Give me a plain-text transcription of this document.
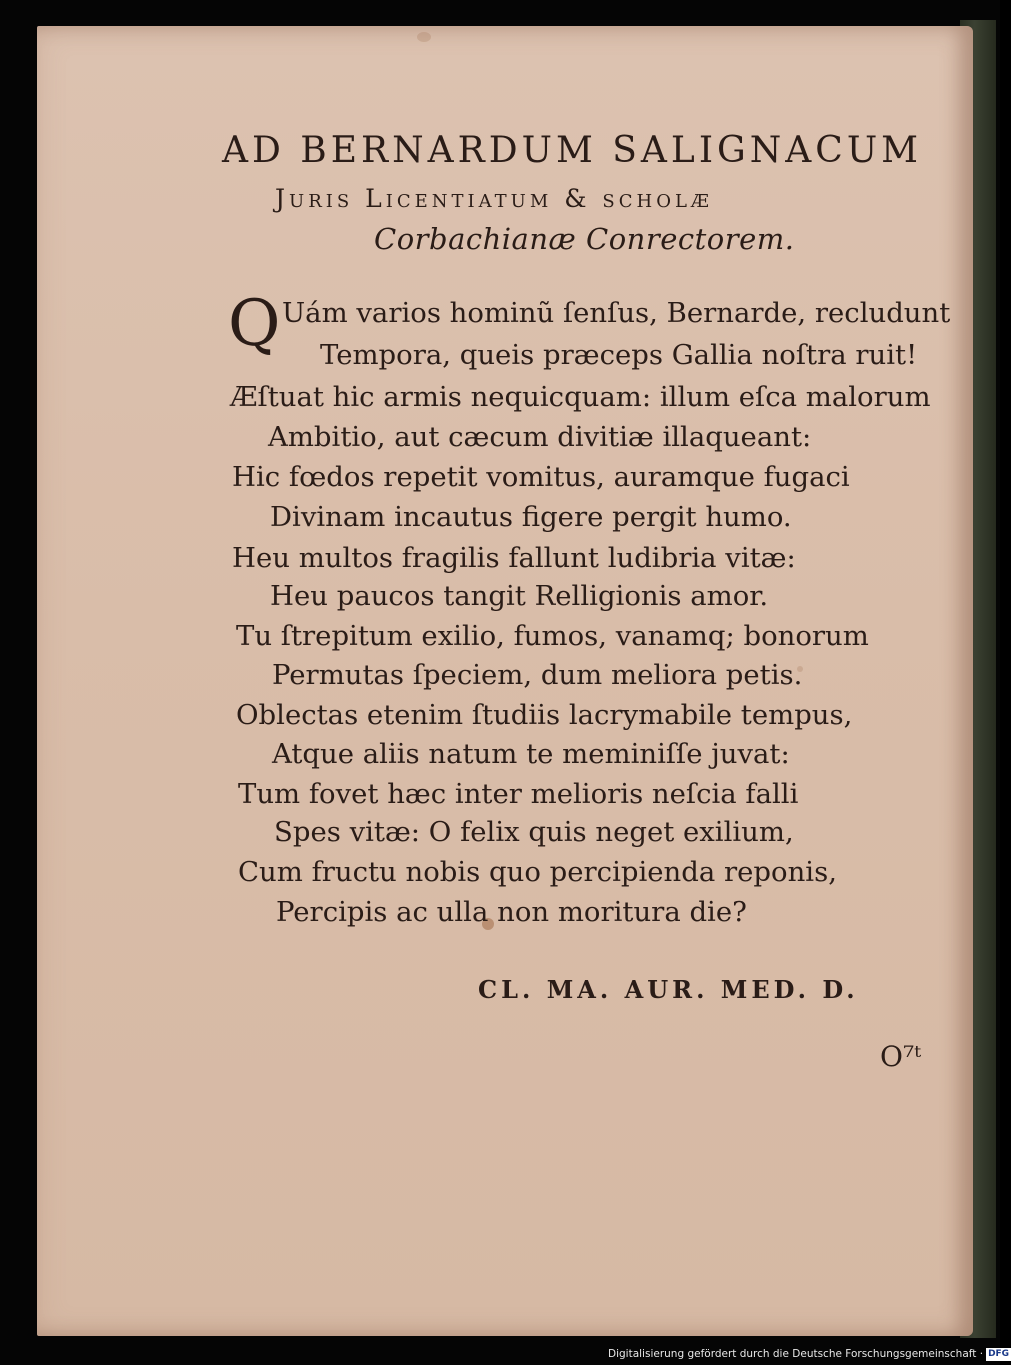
AD BERNARDUM SALIGNACUM
Juris Licentiatum & scholæ
Corbachianæ Conrectorem.
Q Uám varios hominũ ſenſus, Bernarde, recludunt
Tempora, queis præceps Gallia noſtra ruit!
Æſtuat hic armis nequicquam: illum eſca malorum
Ambitio, aut cæcum divitiæ illaqueant:
Hic fœdos repetit vomitus, auramque fugaci
Divinam incautus figere pergit humo.
Heu multos fragilis fallunt ludibria vitæ:
Heu paucos tangit Relligionis amor.
Tu ſtrepitum exilio, fumos, vanamq; bonorum
Permutas ſpeciem, dum meliora petis.
Oblectas etenim ſtudiis lacrymabile tempus,
Atque aliis natum te meminiſſe juvat:
Tum fovet hæc inter melioris neſcia falli
Spes vitæ: O felix quis neget exilium,
Cum fructu nobis quo percipienda reponis,
Percipis ac ulla non moritura die?
CL. MA. AUR. MED. D.
O⁷ᵗ
Digitalisierung gefördert durch die Deutsche Forschungsgemeinschaft · DFG
